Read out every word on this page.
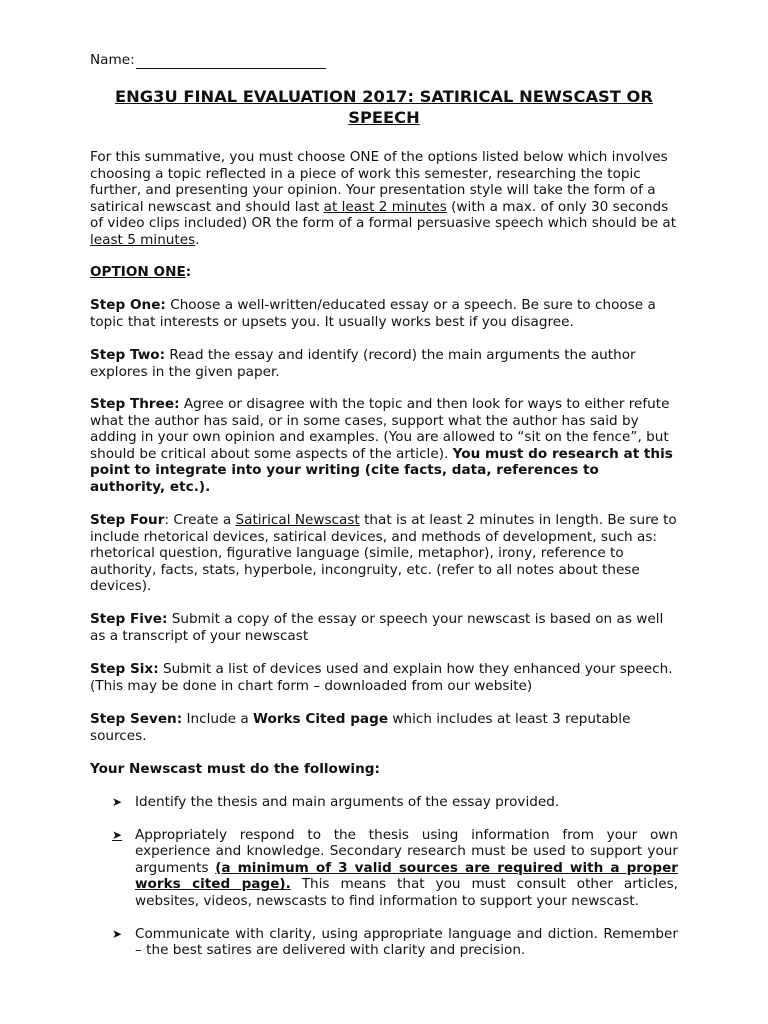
Name:
ENG3U FINAL EVALUATION 2017: SATIRICAL NEWSCAST OR SPEECH

For this summative, you must choose ONE of the options listed below which involves choosing a topic reflected in a piece of work this semester, researching the topic further, and presenting your opinion. Your presentation style will take the form of a satirical newscast and should last at least 2 minutes (with a max. of only 30 seconds of video clips included) OR the form of a formal persuasive speech which should be at least 5 minutes.

OPTION ONE:

Step One: Choose a well-written/educated essay or a speech. Be sure to choose a topic that interests or upsets you. It usually works best if you disagree.

Step Two: Read the essay and identify (record) the main arguments the author explores in the given paper.

Step Three: Agree or disagree with the topic and then look for ways to either refute what the author has said, or in some cases, support what the author has said by adding in your own opinion and examples. (You are allowed to “sit on the fence”, but should be critical about some aspects of the article). You must do research at this point to integrate into your writing (cite facts, data, references to authority, etc.).

Step Four: Create a Satirical Newscast that is at least 2 minutes in length. Be sure to include rhetorical devices, satirical devices, and methods of development, such as: rhetorical question, figurative language (simile, metaphor), irony, reference to authority, facts, stats, hyperbole, incongruity, etc. (refer to all notes about these devices).

Step Five: Submit a copy of the essay or speech your newscast is based on as well as a transcript of your newscast

Step Six: Submit a list of devices used and explain how they enhanced your speech. (This may be done in chart form – downloaded from our website)

Step Seven: Include a Works Cited page which includes at least 3 reputable sources.

Your Newscast must do the following:

➤ Identify the thesis and main arguments of the essay provided.
➤ Appropriately respond to the thesis using information from your own experience and knowledge. Secondary research must be used to support your arguments (a minimum of 3 valid sources are required with a proper works cited page). This means that you must consult other articles, websites, videos, newscasts to find information to support your newscast.
➤ Communicate with clarity, using appropriate language and diction. Remember – the best satires are delivered with clarity and precision.
